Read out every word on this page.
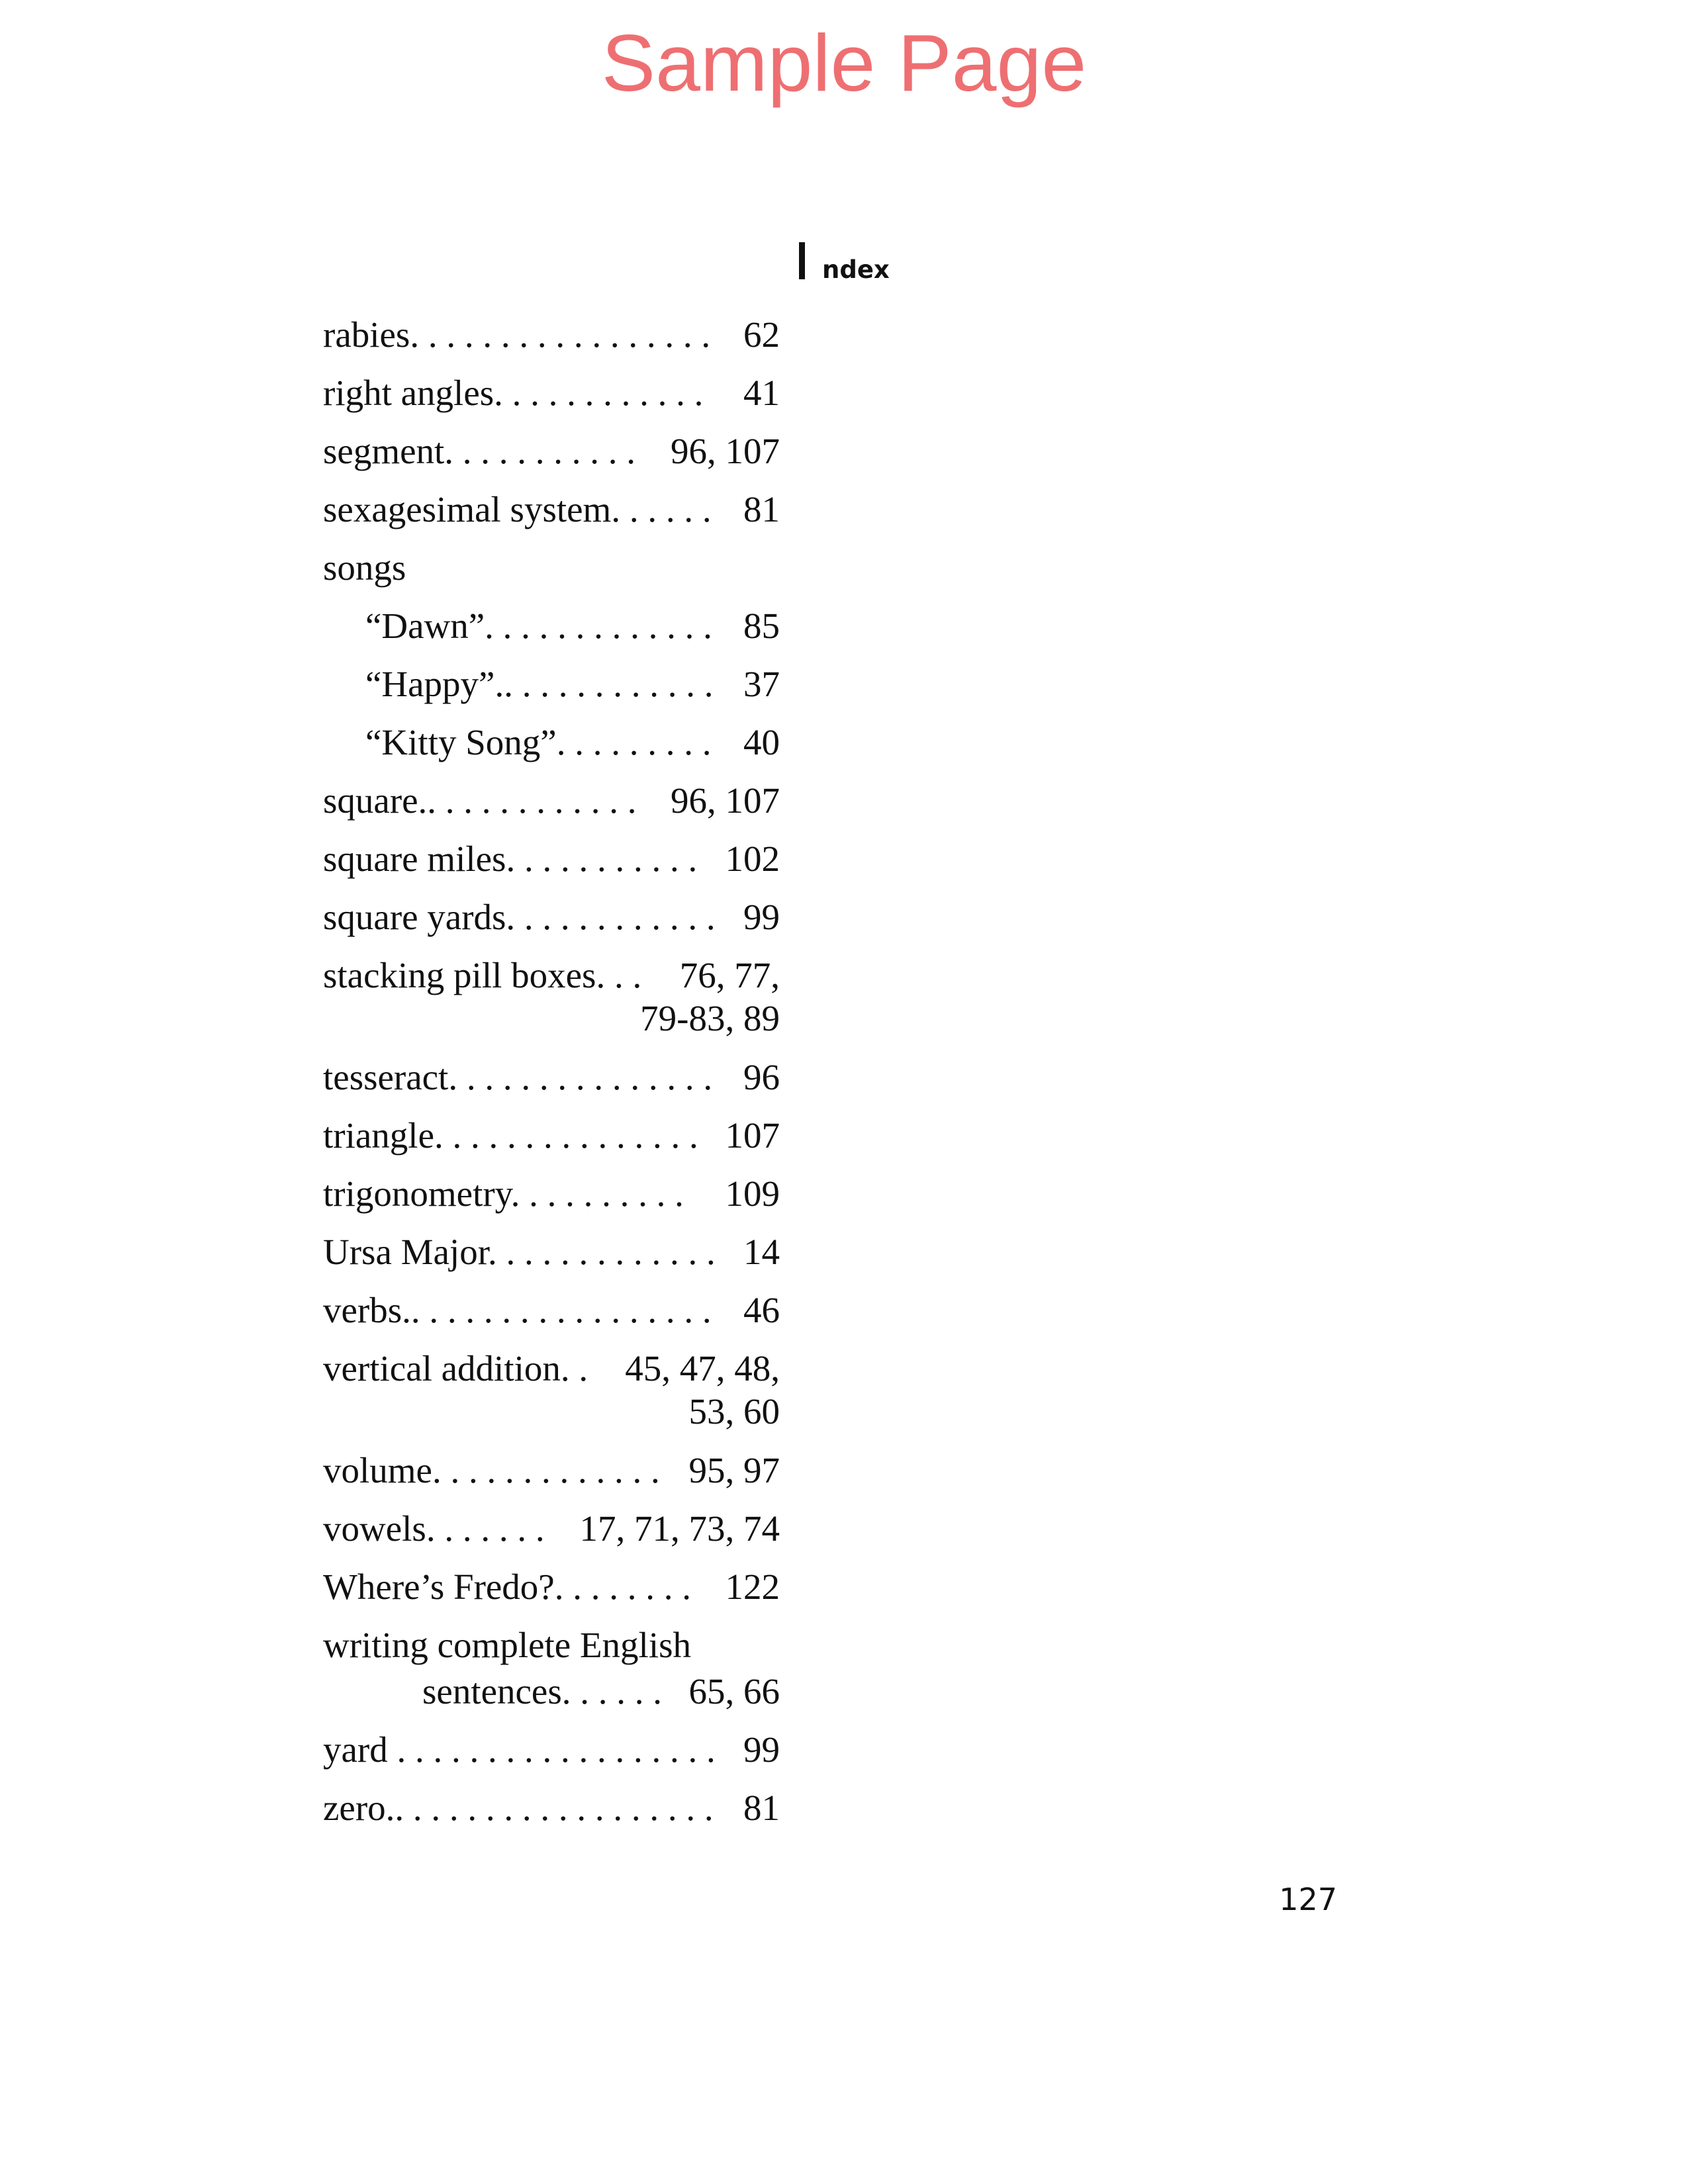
Sample Page
ndex
rabies. . . . . . . . . . . . . . . . . 62
right angles. . . . . . . . . . . . 41
segment. . . . . . . . . . . 96, 107
sexagesimal system. . . . . . 81
songs
“Dawn”. . . . . . . . . . . . . 85
“Happy”.. . . . . . . . . . . . 37
“Kitty Song”. . . . . . . . . 40
square.. . . . . . . . . . . . 96, 107
square miles. . . . . . . . . . . 102
square yards. . . . . . . . . . . . 99
stacking pill boxes. . . 76, 77,
79-83, 89
tesseract. . . . . . . . . . . . . . . 96
triangle. . . . . . . . . . . . . . . 107
trigonometry. . . . . . . . . . 109
Ursa Major. . . . . . . . . . . . . 14
verbs.. . . . . . . . . . . . . . . . . 46
vertical addition. . 45, 47, 48,
53, 60
volume. . . . . . . . . . . . . 95, 97
vowels. . . . . . . 17, 71, 73, 74
Where’s Fredo?. . . . . . . . 122
writing complete English
sentences. . . . . . 65, 66
yard . . . . . . . . . . . . . . . . . . 99
zero.. . . . . . . . . . . . . . . . . . 81
127
